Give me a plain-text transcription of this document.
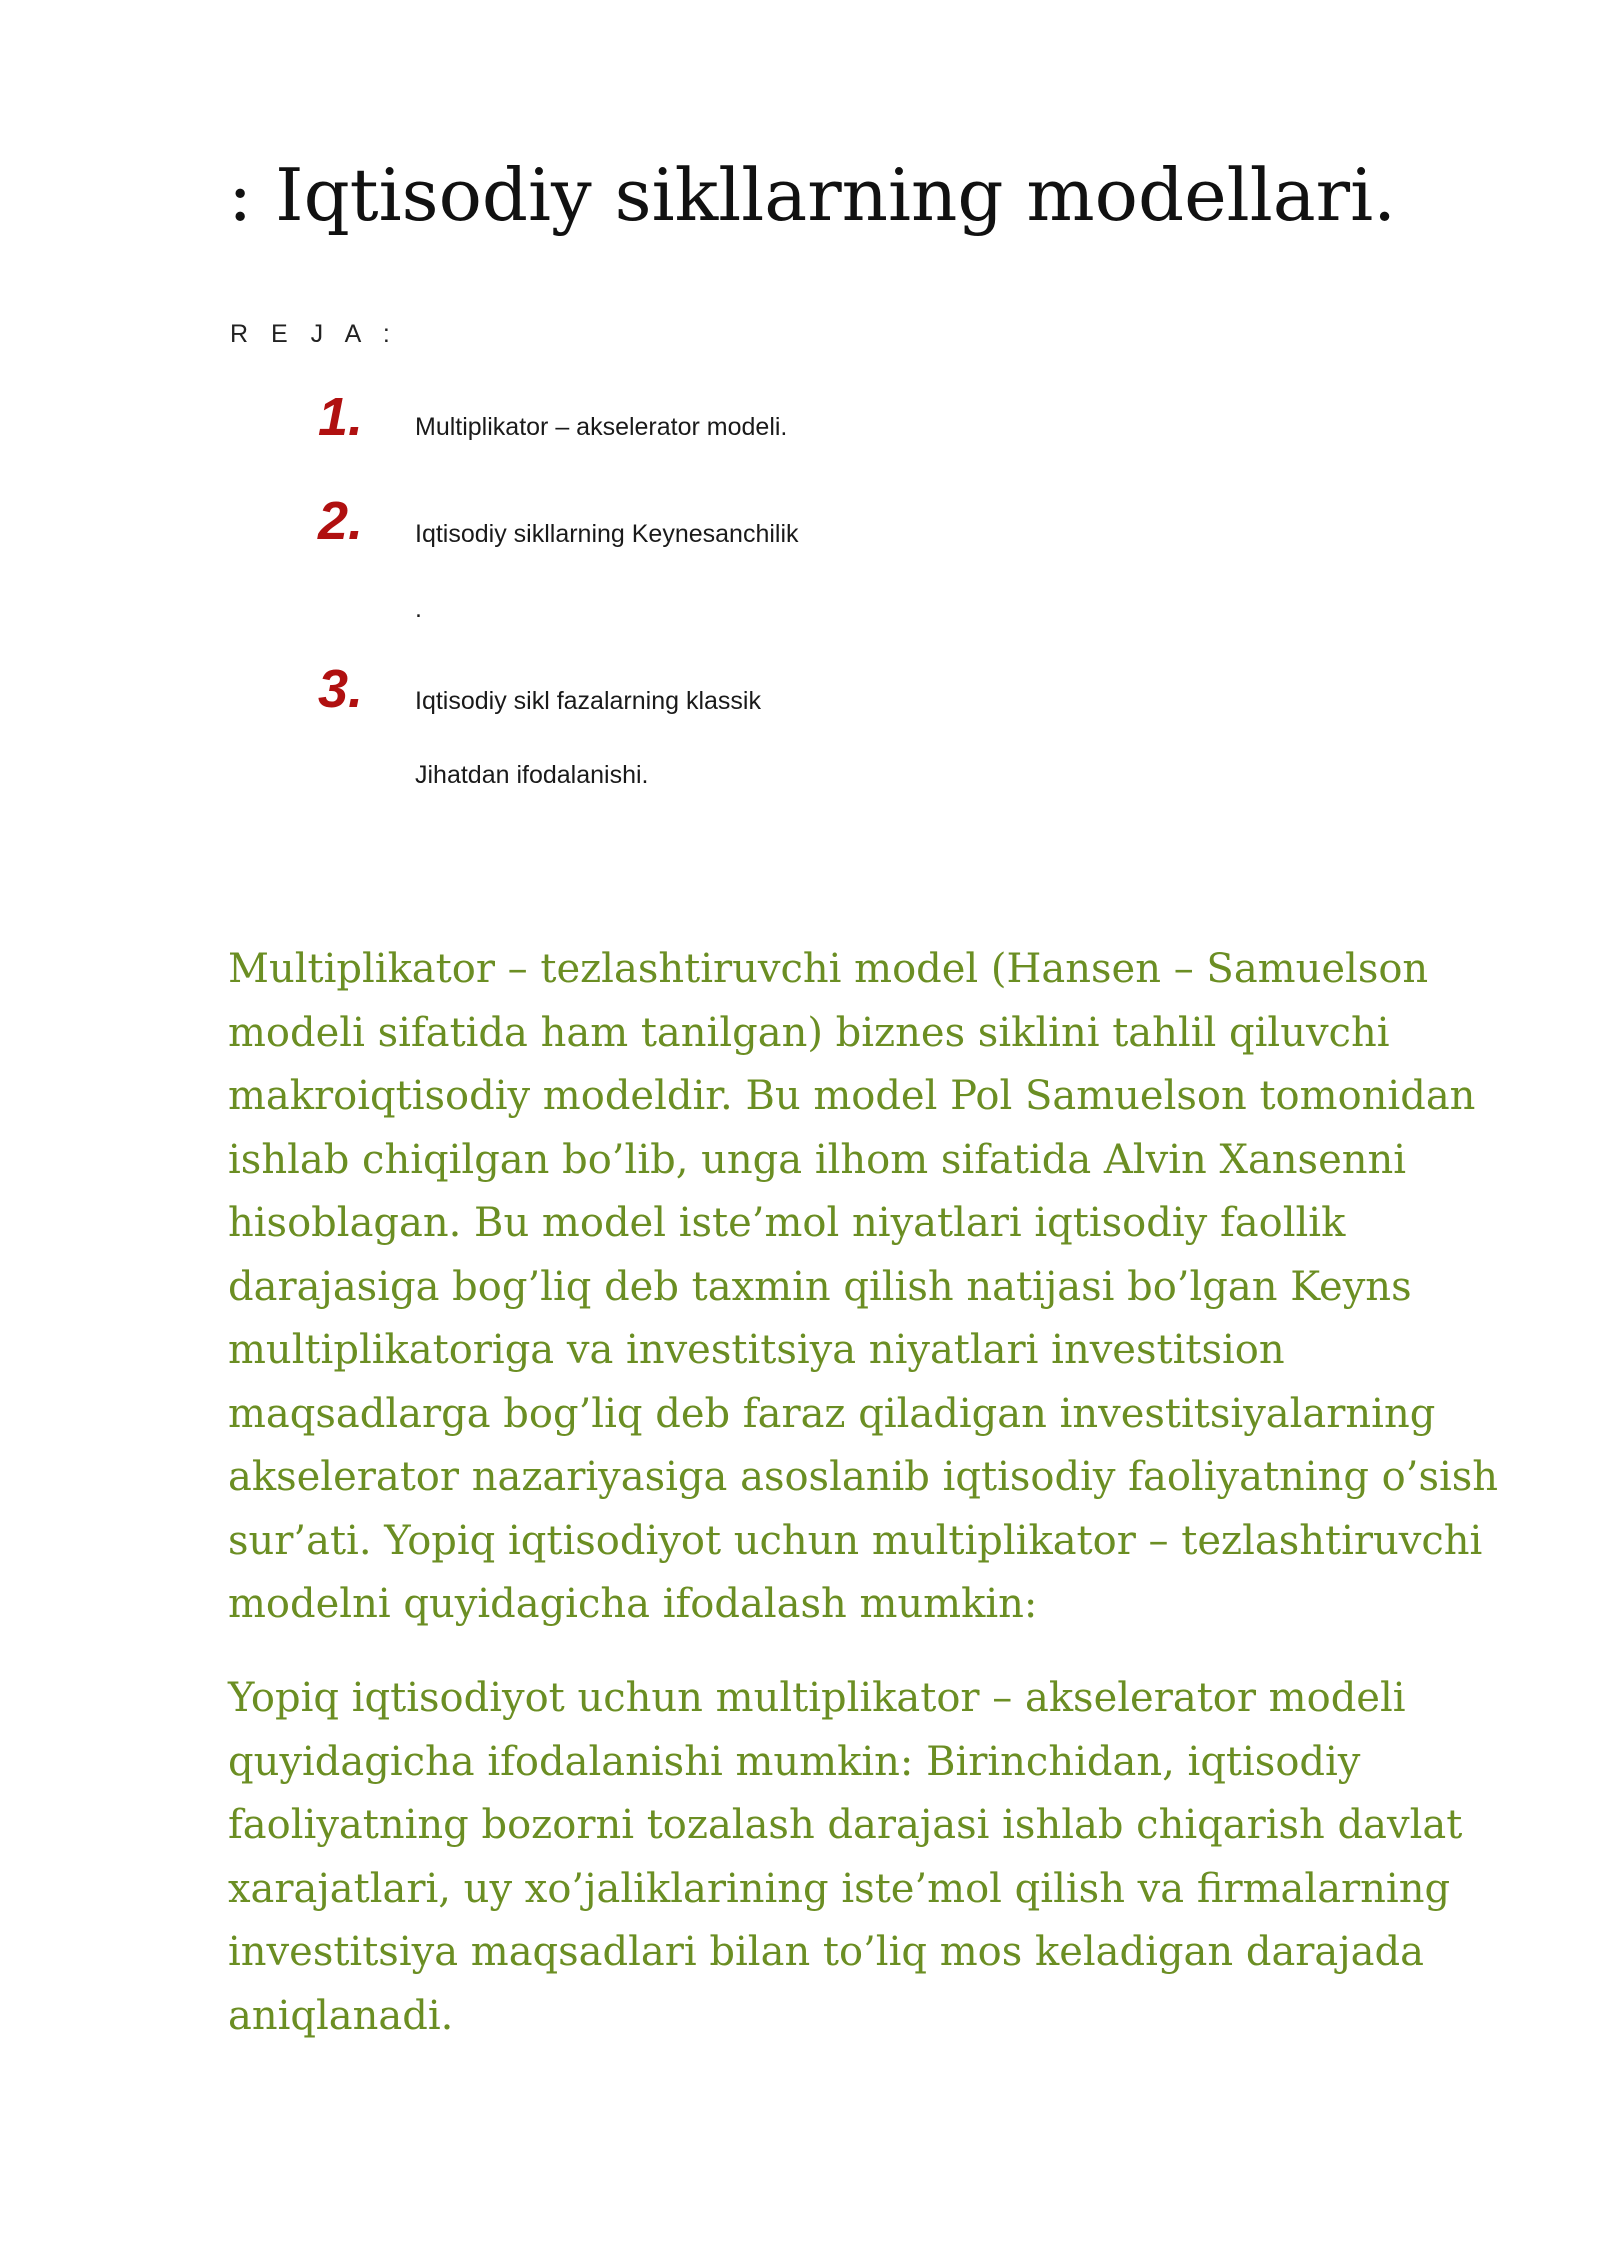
: Iqtisodiy sikllarning modellari.
R E J A :
1. Multiplikator – akselerator modeli.
2. Iqtisodiy sikllarning Keynesanchilik
.
3. Iqtisodiy sikl fazalarning klassik
Jihatdan ifodalanishi.

Multiplikator – tezlashtiruvchi model (Hansen – Samuelson modeli sifatida ham tanilgan) biznes siklini tahlil qiluvchi makroiqtisodiy modeldir. Bu model Pol Samuelson tomonidan ishlab chiqilgan bo’lib, unga ilhom sifatida Alvin Xansenni hisoblagan. Bu model iste’mol niyatlari iqtisodiy faollik darajasiga bog’liq deb taxmin qilish natijasi bo’lgan Keyns multiplikatoriga va investitsiya niyatlari investitsion maqsadlarga bog’liq deb faraz qiladigan investitsiyalarning akselerator nazariyasiga asoslanib iqtisodiy faoliyatning o’sish sur’ati. Yopiq iqtisodiyot uchun multiplikator – tezlashtiruvchi modelni quyidagicha ifodalash mumkin:

Yopiq iqtisodiyot uchun multiplikator – akselerator modeli quyidagicha ifodalanishi mumkin: Birinchidan, iqtisodiy faoliyatning bozorni tozalash darajasi ishlab chiqarish davlat xarajatlari, uy xo’jaliklarining iste’mol qilish va firmalarning investitsiya maqsadlari bilan to’liq mos keladigan darajada aniqlanadi.
